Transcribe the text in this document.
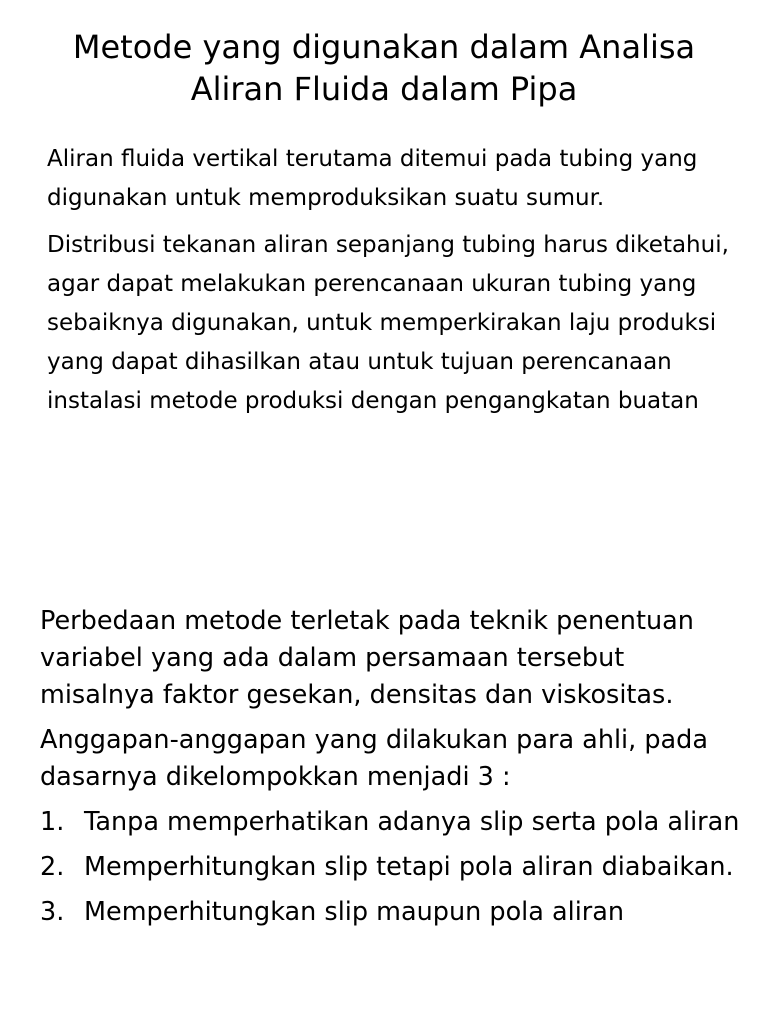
Metode yang digunakan dalam Analisa
Aliran Fluida dalam Pipa

Aliran fluida vertikal terutama ditemui pada tubing yang digunakan untuk memproduksikan suatu sumur.

Distribusi tekanan aliran sepanjang tubing harus diketahui, agar dapat melakukan perencanaan ukuran tubing yang sebaiknya digunakan, untuk memperkirakan laju produksi yang dapat dihasilkan atau untuk tujuan perencanaan instalasi metode produksi dengan pengangkatan buatan

Perbedaan metode terletak pada teknik penentuan variabel yang ada dalam persamaan tersebut misalnya faktor gesekan, densitas dan viskositas.

Anggapan-anggapan yang dilakukan para ahli, pada dasarnya dikelompokkan menjadi 3 :

1. Tanpa memperhatikan adanya slip serta pola aliran
2. Memperhitungkan slip tetapi pola aliran diabaikan.
3. Memperhitungkan slip maupun pola aliran
